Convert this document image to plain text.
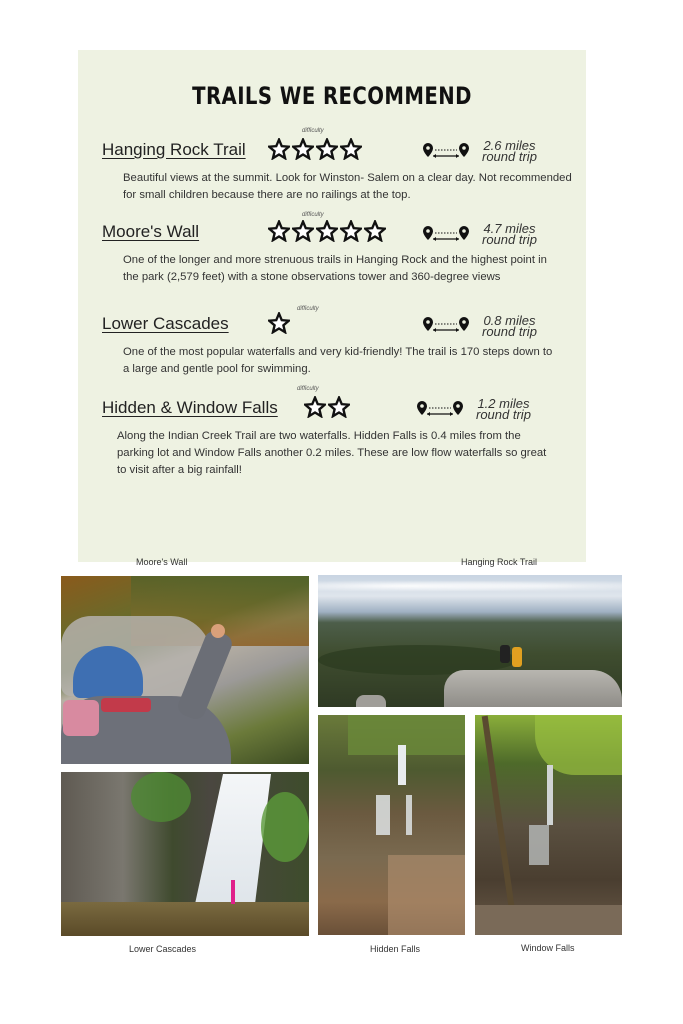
TRAILS WE RECOMMEND
difficulty
Hanging Rock Trail	2.6 miles
round trip
Beautiful views at the summit. Look for Winston- Salem on a clear day. Not recommended for small children because there are no railings at the top.
difficulty
Moore's Wall	4.7 miles
round trip
One of the longer and more strenuous trails in Hanging Rock and the highest point in the park (2,579 feet) with a stone observations tower and 360-degree views
difficulty
Lower Cascades	0.8 miles
round trip
One of the most popular waterfalls and very kid-friendly! The trail is 170 steps down to a large and gentle pool for swimming.
difficulty
Hidden & Window Falls	1.2 miles
round trip
Along the Indian Creek Trail are two waterfalls. Hidden Falls is 0.4 miles from the parking lot and Window Falls another 0.2 miles. These are low flow waterfalls so great to visit after a big rainfall!
Moore's Wall	Hanging Rock Trail
Lower Cascades	Hidden Falls	Window Falls
